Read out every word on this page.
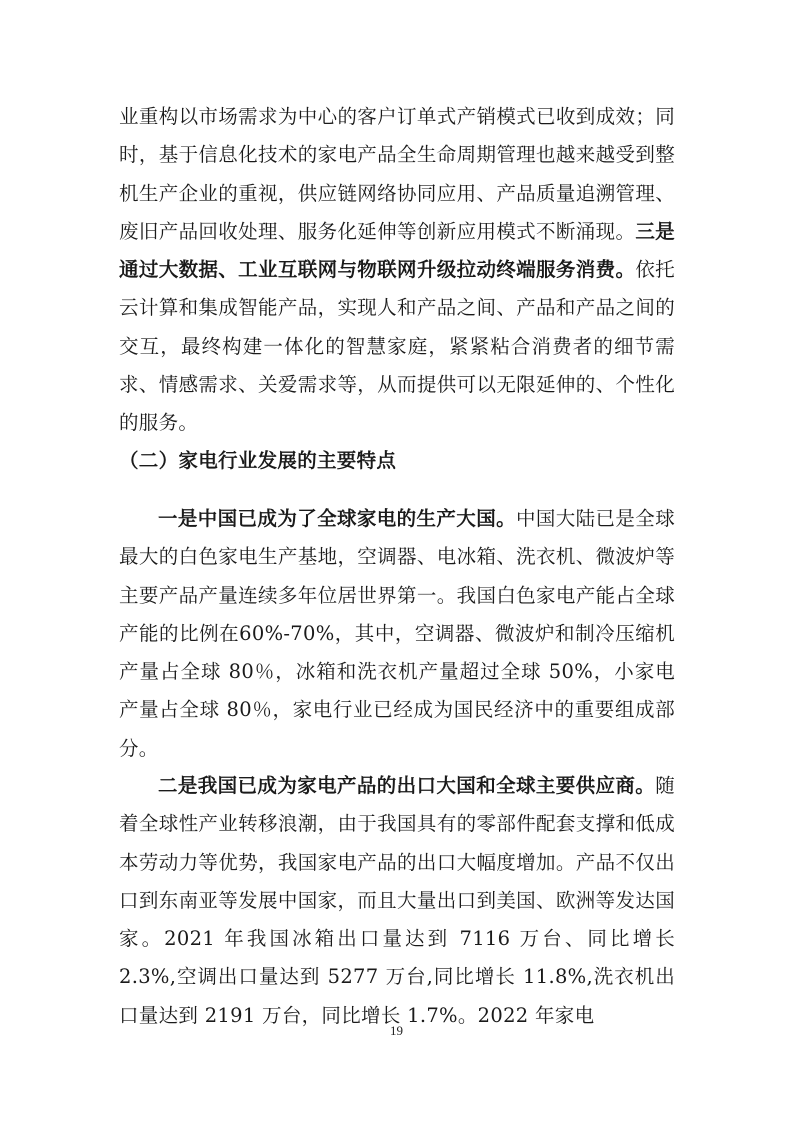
业重构以市场需求为中心的客户订单式产销模式已收到成效；同时，基于信息化技术的家电产品全生命周期管理也越来越受到整机生产企业的重视，供应链网络协同应用、产品质量追溯管理、废旧产品回收处理、服务化延伸等创新应用模式不断涌现。三是通过大数据、工业互联网与物联网升级拉动终端服务消费。依托云计算和集成智能产品，实现人和产品之间、产品和产品之间的交互，最终构建一体化的智慧家庭，紧紧粘合消费者的细节需求、情感需求、关爱需求等，从而提供可以无限延伸的、个性化的服务。
（二）家电行业发展的主要特点
一是中国已成为了全球家电的生产大国。中国大陆已是全球最大的白色家电生产基地，空调器、电冰箱、洗衣机、微波炉等主要产品产量连续多年位居世界第一。我国白色家电产能占全球产能的比例在60%-70%，其中，空调器、微波炉和制冷压缩机产量占全球 80％，冰箱和洗衣机产量超过全球 50%，小家电产量占全球 80％，家电行业已经成为国民经济中的重要组成部分。
二是我国已成为家电产品的出口大国和全球主要供应商。随着全球性产业转移浪潮，由于我国具有的零部件配套支撑和低成本劳动力等优势，我国家电产品的出口大幅度增加。产品不仅出口到东南亚等发展中国家，而且大量出口到美国、欧洲等发达国家。2021 年我国冰箱出口量达到 7116 万台、同比增长 2.3%,空调出口量达到 5277 万台,同比增长 11.8%,洗衣机出口量达到 2191 万台，同比增长 1.7%。2022 年家电
19
